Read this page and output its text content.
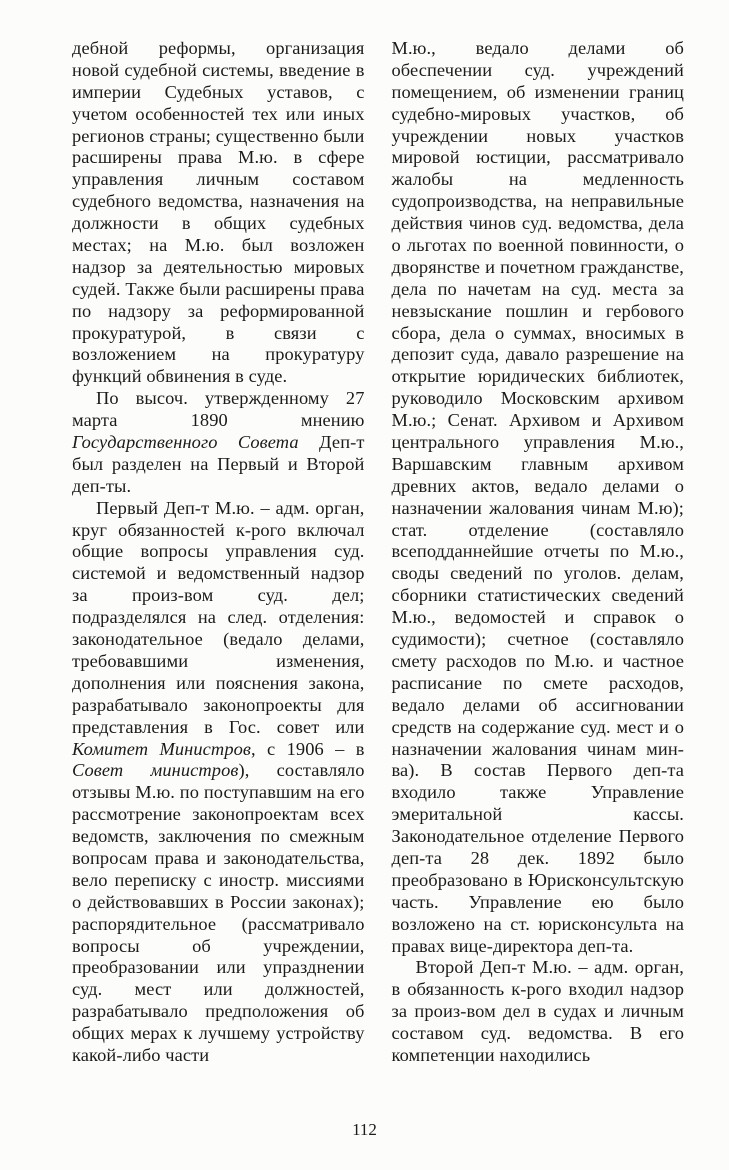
дебной реформы, организация новой судебной системы, введение в империи Судебных уставов, с учетом особенностей тех или иных регионов страны; существенно были расширены права М.ю. в сфере управления личным составом судебного ведомства, назначения на должности в общих судебных местах; на М.ю. был возложен надзор за деятельностью мировых судей. Также были расширены права по надзору за реформированной прокуратурой, в связи с возложением на прокуратуру функций обвинения в суде.

По высоч. утвержденному 27 марта 1890 мнению Государственного Совета Деп-т был разделен на Первый и Второй деп-ты.

Первый Деп-т М.ю. – адм. орган, круг обязанностей к-рого включал общие вопросы управления суд. системой и ведомственный надзор за произ-вом суд. дел; подразделялся на след. отделения: законодательное (ведало делами, требовавшими изменения, дополнения или пояснения закона, разрабатывало законопроекты для представления в Гос. совет или Комитет Министров, с 1906 – в Совет министров), составляло отзывы М.ю. по поступавшим на его рассмотрение законопроектам всех ведомств, заключения по смежным вопросам права и законодательства, вело переписку с иностр. миссиями о действовавших в России законах); распорядительное (рассматривало вопросы об учреждении, преобразовании или упразднении суд. мест или должностей, разрабатывало предположения об общих мерах к лучшему устройству какой-либо части

М.ю., ведало делами об обеспечении суд. учреждений помещением, об изменении границ судебно-мировых участков, об учреждении новых участков мировой юстиции, рассматривало жалобы на медленность судопроизводства, на неправильные действия чинов суд. ведомства, дела о льготах по военной повинности, о дворянстве и почетном гражданстве, дела по начетам на суд. места за невзыскание пошлин и гербового сбора, дела о суммах, вносимых в депозит суда, давало разрешение на открытие юридических библиотек, руководило Московским архивом М.ю.; Сенат. Архивом и Архивом центрального управления М.ю., Варшавским главным архивом древних актов, ведало делами о назначении жалования чинам М.ю); стат. отделение (составляло всеподданнейшие отчеты по М.ю., своды сведений по уголов. делам, сборники статистических сведений М.ю., ведомостей и справок о судимости); счетное (составляло смету расходов по М.ю. и частное расписание по смете расходов, ведало делами об ассигновании средств на содержание суд. мест и о назначении жалования чинам мин-ва). В состав Первого деп-та входило также Управление эмеритальной кассы. Законодательное отделение Первого деп-та 28 дек. 1892 было преобразовано в Юрисконсультскую часть. Управление ею было возложено на ст. юрисконсульта на правах вице-директора деп-та.

Второй Деп-т М.ю. – адм. орган, в обязанность к-рого входил надзор за произ-вом дел в судах и личным составом суд. ведомства. В его компетенции находились

112
